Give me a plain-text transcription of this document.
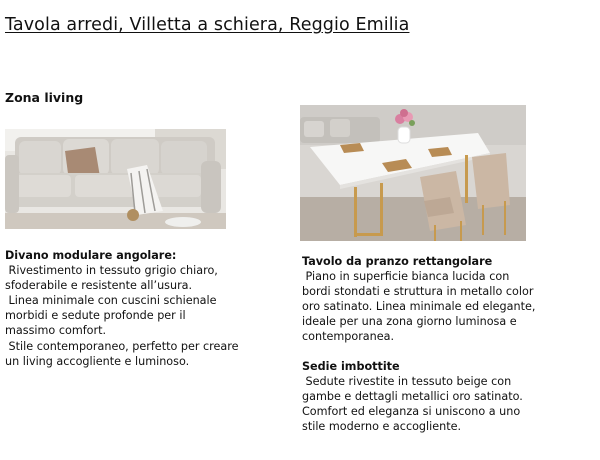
Tavola arredi, Villetta a schiera, Reggio Emilia
Zona living
Divano modulare angolare:
Rivestimento in tessuto grigio chiaro,
sfoderabile e resistente all’usura.
Linea minimale con cuscini schienale
morbidi e sedute profonde per il
massimo comfort.
Stile contemporaneo, perfetto per creare
un living accogliente e luminoso.
Tavolo da pranzo rettangolare
Piano in superficie bianca lucida con
bordi stondati e struttura in metallo color
oro satinato. Linea minimale ed elegante,
ideale per una zona giorno luminosa e
contemporanea.
Sedie imbottite
Sedute rivestite in tessuto beige con
gambe e dettagli metallici oro satinato.
Comfort ed eleganza si uniscono a uno
stile moderno e accogliente.
